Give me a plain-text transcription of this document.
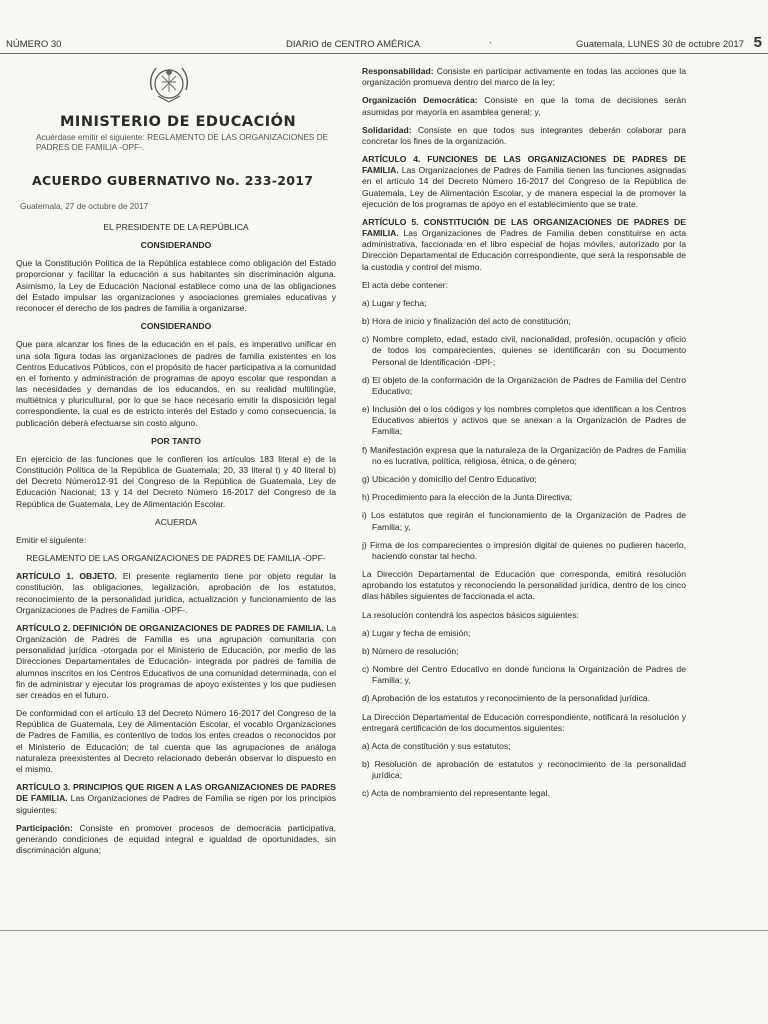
NÚMERO 30	DIARIO de CENTRO AMÉRICA	·	Guatemala, LUNES 30 de octubre 2017 5
MINISTERIO DE EDUCACIÓN
Acuérdase emitir el siguiente: REGLAMENTO DE LAS ORGANIZACIONES DE PADRES DE FAMILIA -OPF-.
ACUERDO GUBERNATIVO No. 233-2017
Guatemala, 27 de octubre de 2017

EL PRESIDENTE DE LA REPÚBLICA

CONSIDERANDO

Que la Constitución Política de la República establece como obligación del Estado proporcionar y facilitar la educación a sus habitantes sin discriminación alguna. Asimismo, la Ley de Educación Nacional establece como una de las obligaciones del Estado impulsar las organizaciones y asociaciones gremiales educativas y reconocer el derecho de los padres de familia a organizarse.

CONSIDERANDO

Que para alcanzar los fines de la educación en el país, es imperativo unificar en una sola figura todas las organizaciones de padres de familia existentes en los Centros Educativos Públicos, con el propósito de hacer participativa a la comunidad en el fomento y administración de programas de apoyo escolar que respondan a las necesidades y demandas de los educandos, en su realidad multilingüe, multiétnica y pluricultural, por lo que se hace necesario emitir la disposición legal correspondiente, la cual es de estricto interés del Estado y como consecuencia, la publicación deberá efectuarse sin costo alguno.

POR TANTO

En ejercicio de las funciones que le confieren los artículos 183 literal e) de la Constitución Política de la República de Guatemala; 20, 33 literal t) y 40 literal b) del Decreto Número12-91 del Congreso de la República de Guatemala, Ley de Educación Nacional; 13 y 14 del Decreto Número 16-2017 del Congreso de la República de Guatemala, Ley de Alimentación Escolar.

ACUERDA

Emitir el siguiente:

REGLAMENTO DE LAS ORGANIZACIONES DE PADRES DE FAMILIA -OPF-

ARTÍCULO 1. OBJETO. El presente reglamento tiene por objeto regular la constitución, las obligaciones, legalización, aprobación de los estatutos, reconocimiento de la personalidad jurídica, actualización y funcionamiento de las Organizaciones de Padres de Familia -OPF-.

ARTÍCULO 2. DEFINICIÓN DE ORGANIZACIONES DE PADRES DE FAMILIA. La Organización de Padres de Familia es una agrupación comunitaria con personalidad jurídica -otorgada por el Ministerio de Educación, por medio de las Direcciones Departamentales de Educación- integrada por padres de familia de alumnos inscritos en los Centros Educativos de una comunidad determinada, con el fin de administrar y ejecutar los programas de apoyo existentes y los que pudiesen ser creados en el futuro.

De conformidad con el artículo 13 del Decreto Número 16-2017 del Congreso de la República de Guatemala, Ley de Alimentación Escolar, el vocablo Organizaciones de Padres de Familia, es contentivo de todos los entes creados o reconocidos por el Ministerio de Educación; de tal cuenta que las agrupaciones de análoga naturaleza preexistentes al Decreto relacionado deberán observar lo dispuesto en el mismo.

ARTÍCULO 3. PRINCIPIOS QUE RIGEN A LAS ORGANIZACIONES DE PADRES DE FAMILIA. Las Organizaciones de Padres de Familia se rigen por los principios siguientes:

Participación: Consiste en promover procesos de democracia participativa, generando condiciones de equidad integral e igualdad de oportunidades, sin discriminación alguna;

Responsabilidad: Consiste en participar activamente en todas las acciones que la organización promueva dentro del marco de la ley;

Organización Democrática: Consiste en que la toma de decisiones serán asumidas por mayoría en asamblea general; y,

Solidaridad: Consiste en que todos sus integrantes deberán colaborar para concretar los fines de la organización.

ARTÍCULO 4. FUNCIONES DE LAS ORGANIZACIONES DE PADRES DE FAMILIA. Las Organizaciones de Padres de Familia tienen las funciones asignadas en el artículo 14 del Decreto Número 16-2017 del Congreso de la República de Guatemala, Ley de Alimentación Escolar, y de manera especial la de promover la ejecución de los programas de apoyo en el establecimiento que se trate.

ARTÍCULO 5. CONSTITUCIÓN DE LAS ORGANIZACIONES DE PADRES DE FAMILIA. Las Organizaciones de Padres de Familia deben constituirse en acta administrativa, faccionada en el libro especial de hojas móviles, autorizado por la Dirección Departamental de Educación correspondiente, que será la responsable de la custodia y control del mismo.

El acta debe contener:

a) Lugar y fecha;

b) Hora de inicio y finalización del acto de constitución;

c) Nombre completo, edad, estado civil, nacionalidad, profesión, ocupación y oficio de todos los comparecientes, quienes se identificarán con su Documento Personal de Identificación -DPI-;

d) El objeto de la conformación de la Organización de Padres de Familia del Centro Educativo;

e) Inclusión del o los códigos y los nombres completos que identifican a los Centros Educativos abiertos y activos que se anexan a la Organización de Padres de Familia;

f) Manifestación expresa que la naturaleza de la Organización de Padres de Familia no es lucrativa, política, religiosa, étnica, o de género;

g) Ubicación y domicilio del Centro Educativo;

h) Procedimiento para la elección de la Junta Directiva;

i) Los estatutos que regirán el funcionamiento de la Organización de Padres de Familia; y,

j) Firma de los comparecientes o impresión digital de quienes no pudieren hacerlo, haciendo constar tal hecho.

La Dirección Departamental de Educación que corresponda, emitirá resolución aprobando los estatutos y reconociendo la personalidad jurídica, dentro de los cinco días hábiles siguientes de faccionada el acta.

La resolución contendrá los aspectos básicos siguientes:

a) Lugar y fecha de emisión;

b) Número de resolución;

c) Nombre del Centro Educativo en donde funciona la Organización de Padres de Familia; y,

d) Aprobación de los estatutos y reconocimiento de la personalidad jurídica.

La Dirección Departamental de Educación correspondiente, notificará la resolución y entregará certificación de los documentos siguientes:

a) Acta de constitución y sus estatutos;

b) Resolución de aprobación de estatutos y reconocimiento de la personalidad jurídica;

c) Acta de nombramiento del representante legal.
